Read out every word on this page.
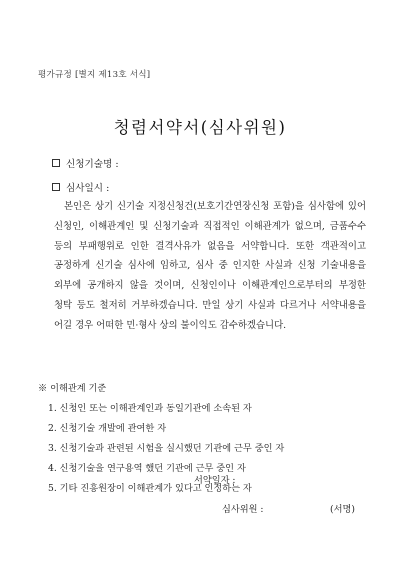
평가규정 [별지 제13호 서식]
청렴서약서(심사위원)
신청기술명 :
심사일시 :
본인은 상기 신기술 지정신청건(보호기간연장신청 포함)을 심사함에 있어 신청인, 이해관계인 및 신청기술과 직접적인 이해관계가 없으며, 금품수수 등의 부패행위로 인한 결격사유가 없음을 서약합니다. 또한 객관적이고 공정하게 신기술 심사에 임하고, 심사 중 인지한 사실과 신청 기술내용을 외부에 공개하지 않을 것이며, 신청인이나 이해관계인으로부터의 부정한 청탁 등도 철저히 거부하겠습니다. 만일 상기 사실과 다르거나 서약내용을 어길 경우 어떠한 민·형사 상의 불이익도 감수하겠습니다.
※ 이해관계 기준
1. 신청인 또는 이해관계인과 동일기관에 소속된 자
2. 신청기술 개발에 관여한 자
3. 신청기술과 관련된 시험을 실시했던 기관에 근무 중인 자
4. 신청기술을 연구용역 했던 기관에 근무 중인 자
5. 기타 진흥원장이 이해관계가 있다고 인정하는 자
서약일자 :
심사위원 :	(서명)
